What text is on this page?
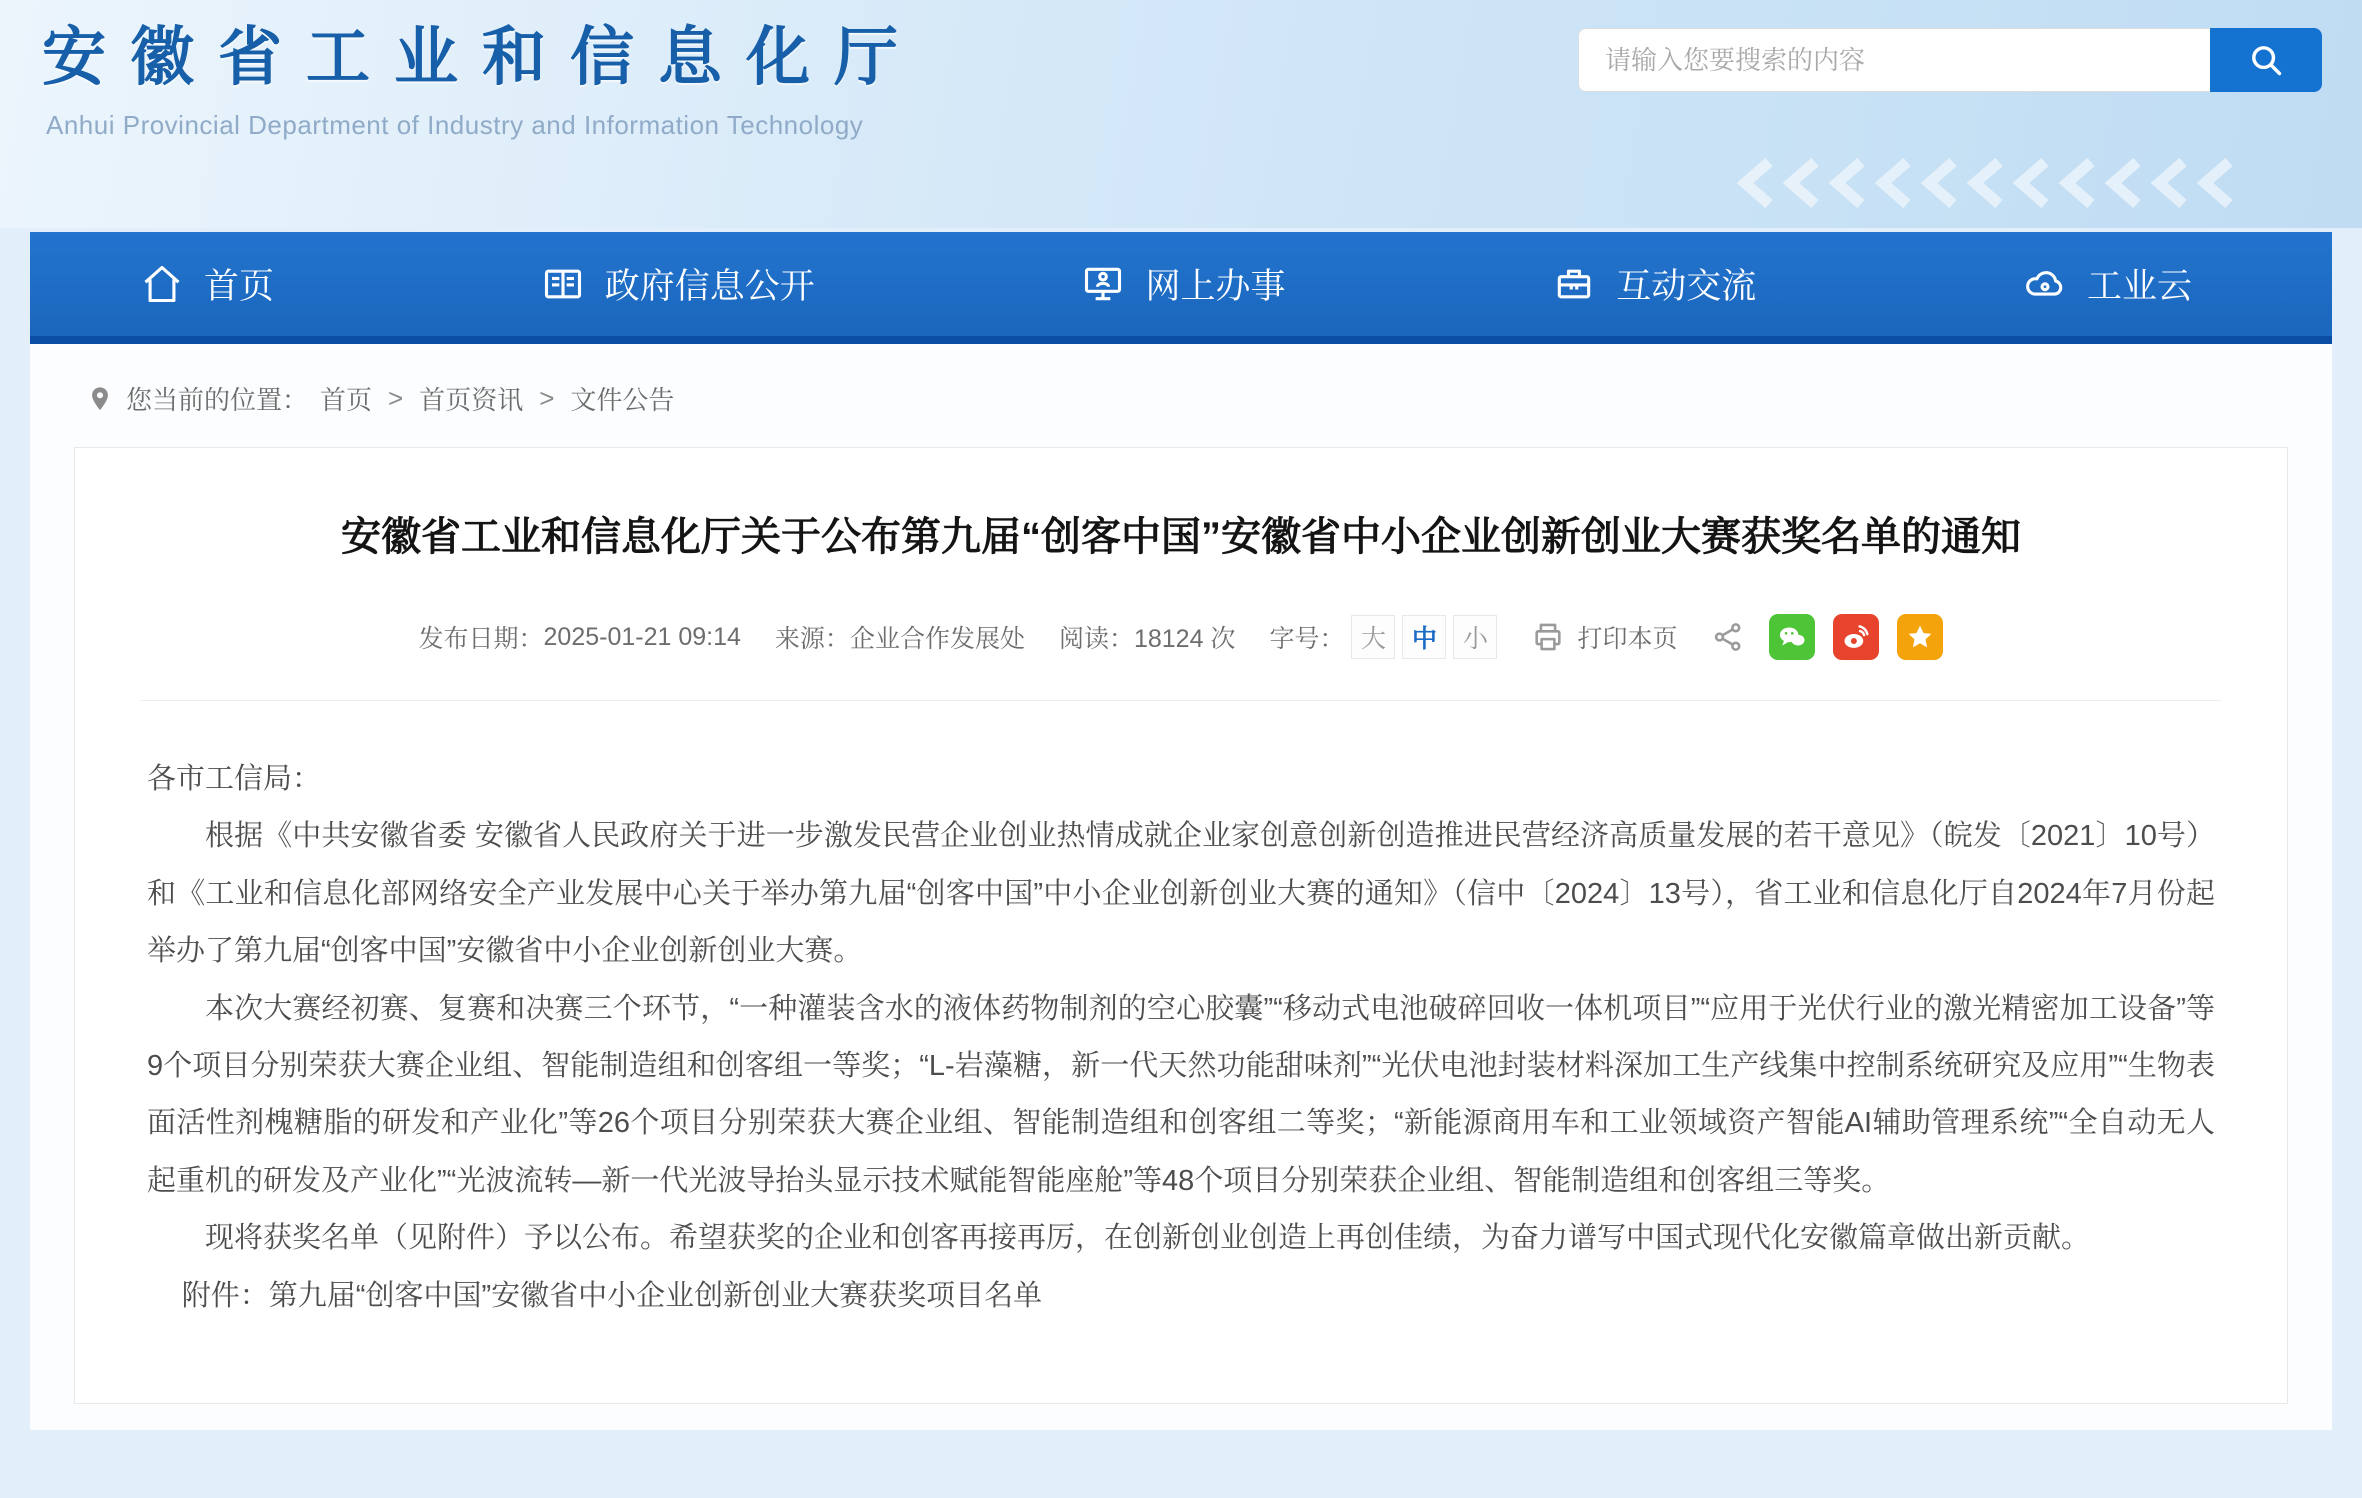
安徽省工业和信息化厅
Anhui Provincial Department of Industry and Information Technology
请输入您要搜索的内容
首页	政府信息公开	网上办事	互动交流	工业云
您当前的位置： 首页 > 首页资讯 > 文件公告
安徽省工业和信息化厅关于公布第九届“创客中国”安徽省中小企业创新创业大赛获奖名单的通知
发布日期： 2025-01-21 09:14 来源： 企业合作发展处 阅读： 18124 次 字号： 大	中	小	打印本页

各市工信局：

根据《中共安徽省委 安徽省人民政府关于进一步激发民营企业创业热情成就企业家创意创新创造推进民营经济高质量发展的若干意见》（皖发〔2021〕10号）和《工业和信息化部网络安全产业发展中心关于举办第九届“创客中国”中小企业创新创业大赛的通知》（信中〔2024〕13号），省工业和信息化厅自2024年7月份起举办了第九届“创客中国”安徽省中小企业创新创业大赛。

本次大赛经初赛、复赛和决赛三个环节，“一种灌装含水的液体药物制剂的空心胶囊”“移动式电池破碎回收一体机项目”“应用于光伏行业的激光精密加工设备”等9个项目分别荣获大赛企业组、智能制造组和创客组一等奖；“L-岩藻糖，新一代天然功能甜味剂”“光伏电池封装材料深加工生产线集中控制系统研究及应用”“生物表面活性剂槐糖脂的研发和产业化”等26个项目分别荣获大赛企业组、智能制造组和创客组二等奖；“新能源商用车和工业领域资产智能AI辅助管理系统”“全自动无人起重机的研发及产业化”“光波流转—新一代光波导抬头显示技术赋能智能座舱”等48个项目分别荣获企业组、智能制造组和创客组三等奖。

现将获奖名单（见附件）予以公布。希望获奖的企业和创客再接再厉，在创新创业创造上再创佳绩，为奋力谱写中国式现代化安徽篇章做出新贡献。

附件：第九届“创客中国”安徽省中小企业创新创业大赛获奖项目名单
